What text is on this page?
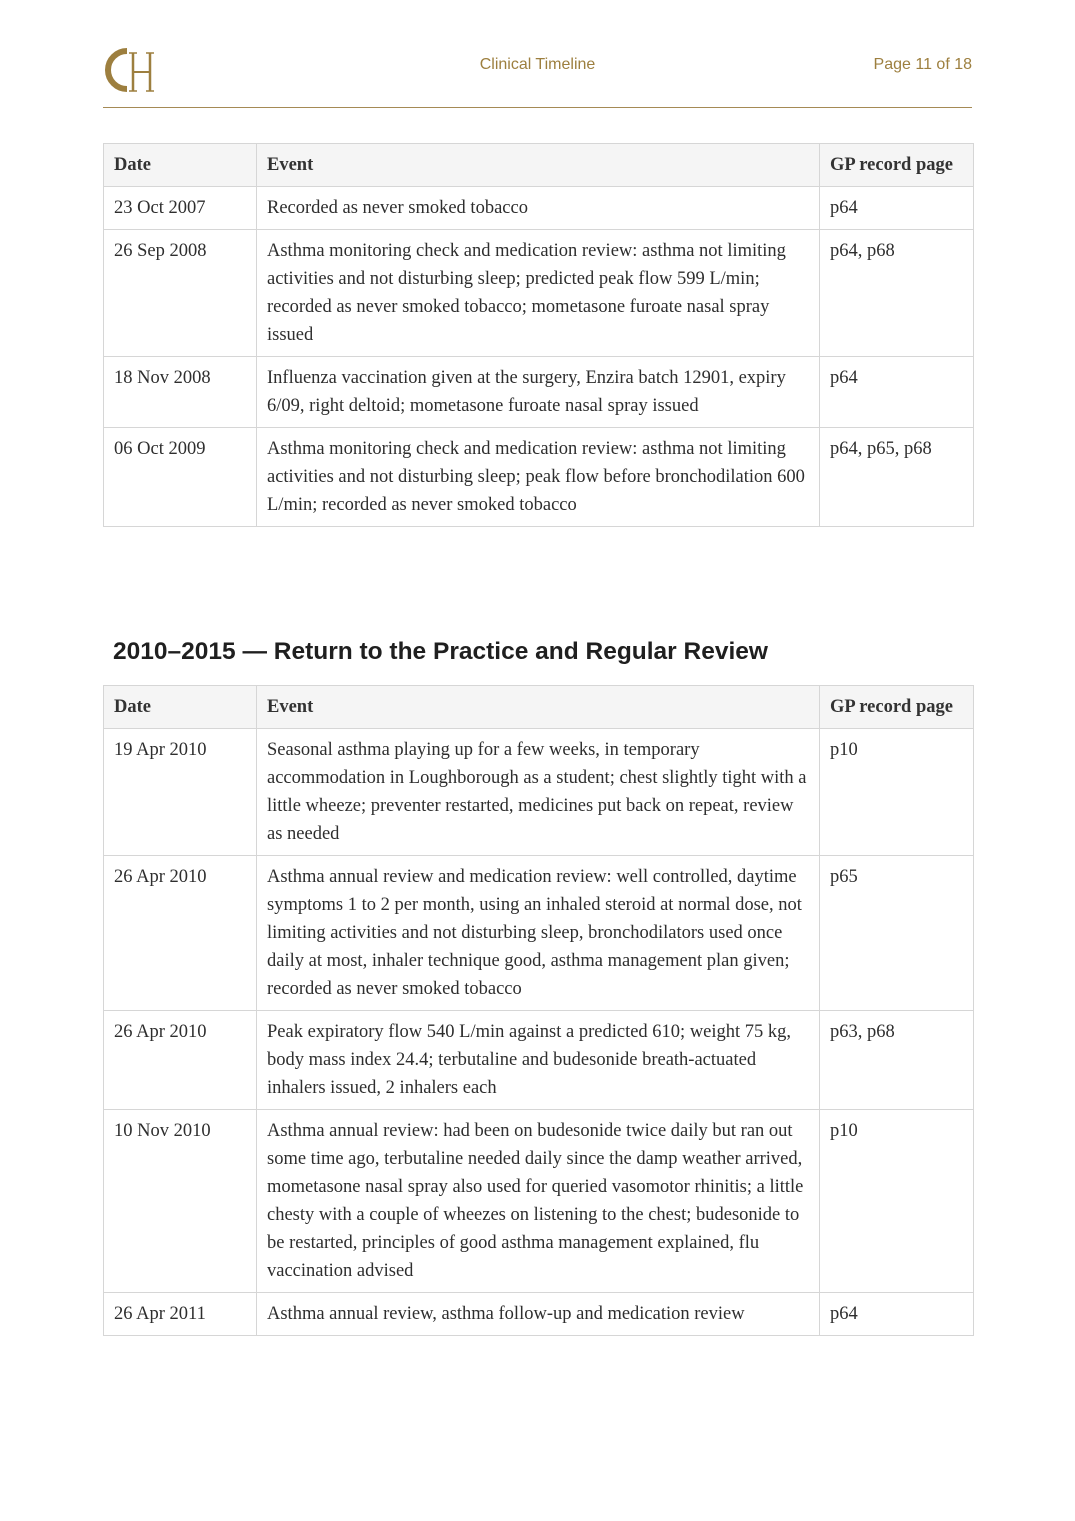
Clinical Timeline	Page 11 of 18
Date	Event	GP record page
23 Oct 2007	Recorded as never smoked tobacco	p64
26 Sep 2008	Asthma monitoring check and medication review: asthma not limiting activities and not disturbing sleep; predicted peak flow 599 L/min; recorded as never smoked tobacco; mometasone furoate nasal spray issued	p64, p68
18 Nov 2008	Influenza vaccination given at the surgery, Enzira batch 12901, expiry 6/09, right deltoid; mometasone furoate nasal spray issued	p64
06 Oct 2009	Asthma monitoring check and medication review: asthma not limiting activities and not disturbing sleep; peak flow before bronchodilation 600 L/min; recorded as never smoked tobacco	p64, p65, p68
2010–2015 — Return to the Practice and Regular Review
Date	Event	GP record page
19 Apr 2010	Seasonal asthma playing up for a few weeks, in temporary accommodation in Loughborough as a student; chest slightly tight with a little wheeze; preventer restarted, medicines put back on repeat, review as needed	p10
26 Apr 2010	Asthma annual review and medication review: well controlled, daytime symptoms 1 to 2 per month, using an inhaled steroid at normal dose, not limiting activities and not disturbing sleep, bronchodilators used once daily at most, inhaler technique good, asthma management plan given; recorded as never smoked tobacco	p65
26 Apr 2010	Peak expiratory flow 540 L/min against a predicted 610; weight 75 kg, body mass index 24.4; terbutaline and budesonide breath-actuated inhalers issued, 2 inhalers each	p63, p68
10 Nov 2010	Asthma annual review: had been on budesonide twice daily but ran out some time ago, terbutaline needed daily since the damp weather arrived, mometasone nasal spray also used for queried vasomotor rhinitis; a little chesty with a couple of wheezes on listening to the chest; budesonide to be restarted, principles of good asthma management explained, flu vaccination advised	p10
26 Apr 2011	Asthma annual review, asthma follow-up and medication review	p64
